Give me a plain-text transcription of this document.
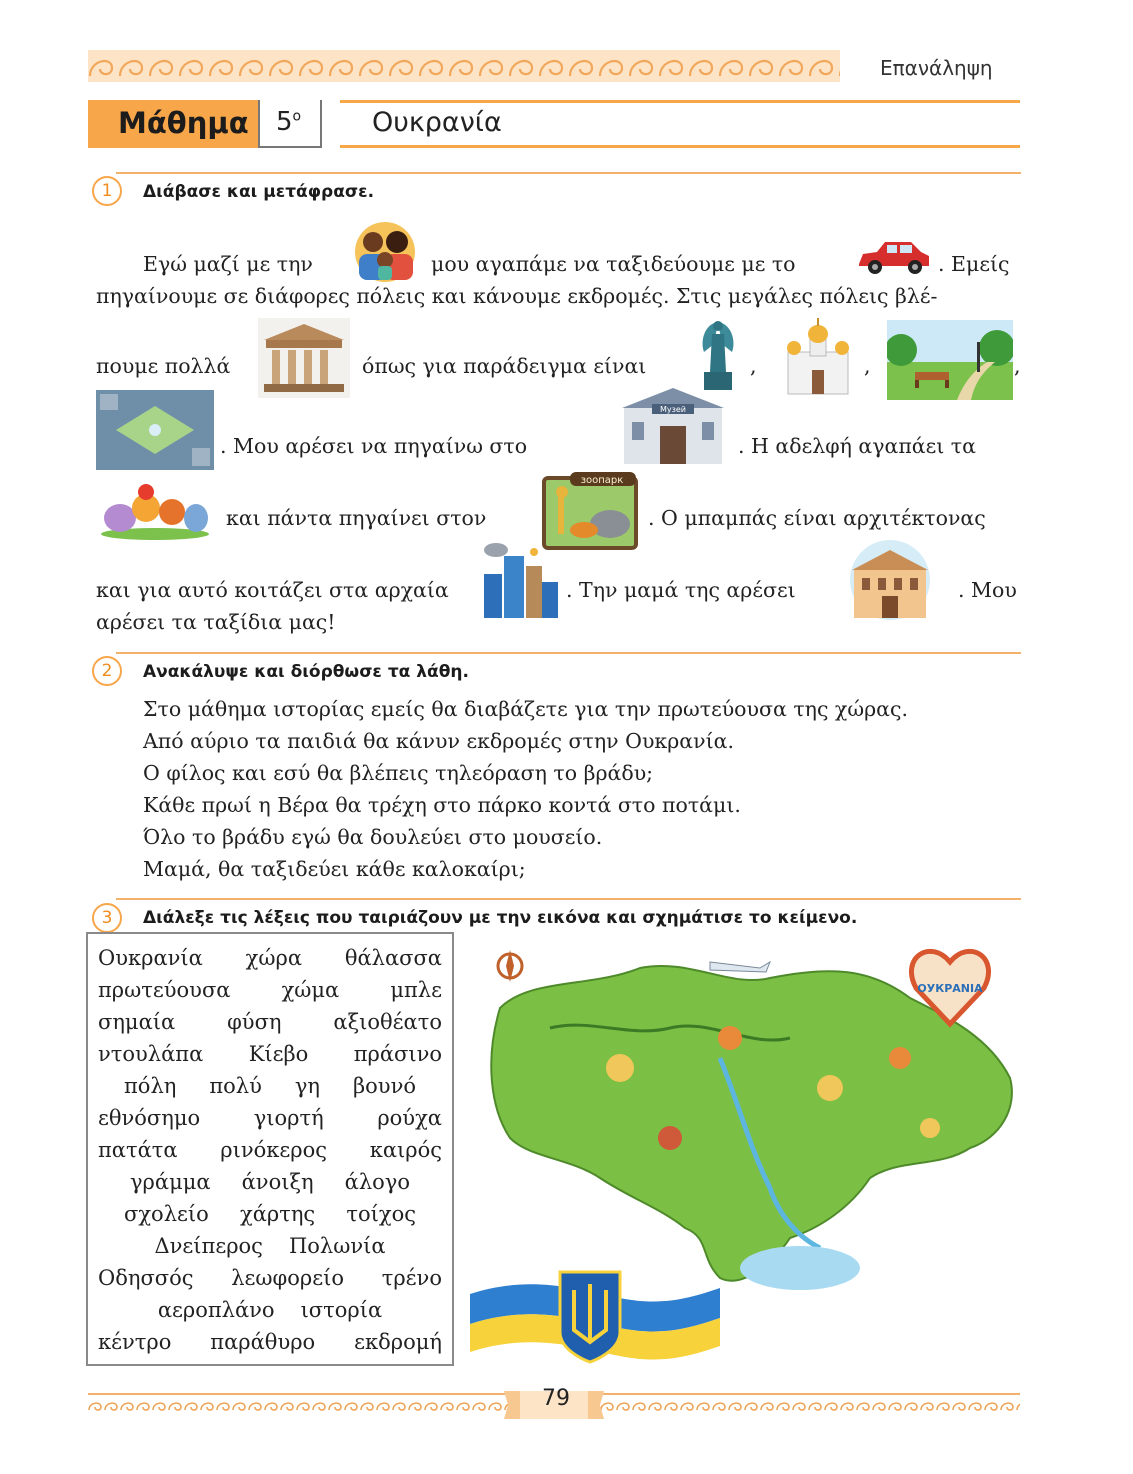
Επανάληψη
Μάθημα $5^o$	Ουκρανία
1	Διάβασε και μετάφρασε.
Εγώ μαζί με την	μου αγαπάμε να ταξιδεύουμε με το	. Εμείς
πηγαίνουμε σε διάφορες πόλεις και κάνουμε εκδρομές. Στις μεγάλες πόλεις βλέ-
πουμε πολλά	όπως για παράδειγμα είναι	,	,	,
. Μου αρέσει να πηγαίνω στο
Музей
. Η αδελφή αγαπάει τα
και πάντα πηγαίνει στον
зоопарк
. Ο μπαμπάς είναι αρχιτέκτονας
και για αυτό κοιτάζει στα αρχαία	. Την μαμά της αρέσει	. Μου
αρέσει τα ταξίδια μας!
2	Ανακάλυψε και διόρθωσε τα λάθη.
Στο μάθημα ιστορίας εμείς θα διαβάζετε για την πρωτεύουσα της χώρας.
Από αύριο τα παιδιά θα κάνυν εκδρομές στην Ουκρανία.
Ο φίλος και εσύ θα βλέπεις τηλεόραση το βράδυ;
Κάθε πρωί η Βέρα θα τρέχη στο πάρκο κοντά στο ποτάμι.
Όλο το βράδυ εγώ θα δουλεύει στο μουσείο.
Μαμά, θα ταξιδεύει κάθε καλοκαίρι;
3	Διάλεξε τις λέξεις που ταιριάζουν με την εικόνα και σχημάτισε το κείμενο.
Ουκρανία χώρα θάλασσα
πρωτεύουσα χώμα μπλε
σημαία φύση αξιοθέατο
ντουλάπα Κίεβο πράσινο
πόλη πολύ γη βουνό
εθνόσημο	γιορτή	ρούχα
πατάτα ρινόκερος καιρός
γράμμα άνοιξη άλογο
σχολείο χάρτης τοίχος
Δνείπερος Πολωνία
Οδησσός λεωφορείο τρένο
αεροπλάνο ιστορία
κέντρο παράθυρο εκδρομή
ОУКРАΝΙΑ
79
